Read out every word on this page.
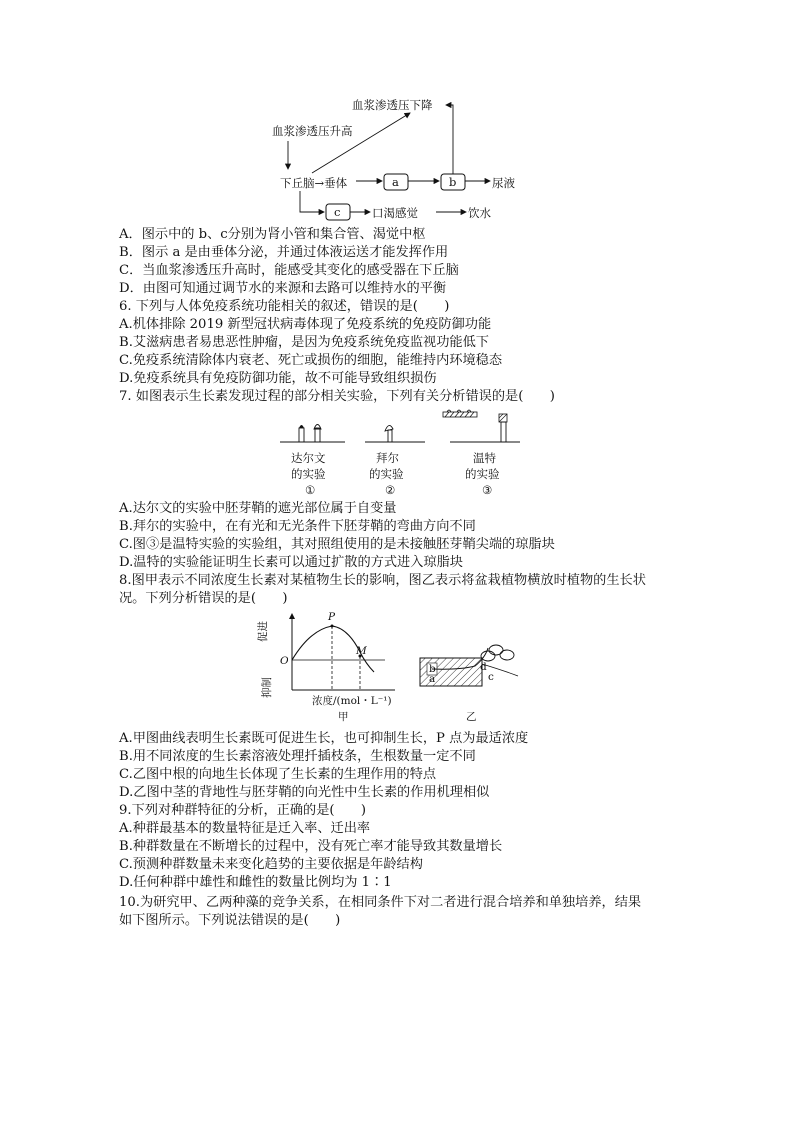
血浆渗透压下降
血浆渗透压升高
下丘脑→垂体	a	b	尿液
c	口渴感觉	饮水
A．图示中的 b、c分别为肾小管和集合管、渴觉中枢
B．图示 a 是由垂体分泌，并通过体液运送才能发挥作用
C．当血浆渗透压升高时，能感受其变化的感受器在下丘脑
D．由图可知通过调节水的来源和去路可以维持水的平衡
6. 下列与人体免疫系统功能相关的叙述，错误的是(　　)
A.机体排除 2019 新型冠状病毒体现了免疫系统的免疫防御功能
B.艾滋病患者易患恶性肿瘤，是因为免疫系统免疫监视功能低下
C.免疫系统清除体内衰老、死亡或损伤的细胞，能维持内环境稳态
D.免疫系统具有免疫防御功能，故不可能导致组织损伤
7. 如图表示生长素发现过程的部分相关实验，下列有关分析错误的是(　　)
达尔文
的实验
①
拜尔
的实验
②
温特
的实验
③
A.达尔文的实验中胚芽鞘的遮光部位属于自变量
B.拜尔的实验中，在有光和无光条件下胚芽鞘的弯曲方向不同
C.图③是温特实验的实验组，其对照组使用的是未接触胚芽鞘尖端的琼脂块
D.温特的实验能证明生长素可以通过扩散的方式进入琼脂块
8.图甲表示不同浓度生长素对某植物生长的影响，图乙表示将盆栽植物横放时植物的生长状
况。下列分析错误的是(　　)
促进
抑制
O
P
M
浓度/(mol・L⁻¹)
甲
b
a
d
c
乙
A.甲图曲线表明生长素既可促进生长，也可抑制生长，P 点为最适浓度
B.用不同浓度的生长素溶液处理扦插枝条，生根数量一定不同
C.乙图中根的向地生长体现了生长素的生理作用的特点
D.乙图中茎的背地性与胚芽鞘的向光性中生长素的作用机理相似
9.下列对种群特征的分析，正确的是(　　)
A.种群最基本的数量特征是迁入率、迁出率
B.种群数量在不断增长的过程中，没有死亡率才能导致其数量增长
C.预测种群数量未来变化趋势的主要依据是年龄结构
D.任何种群中雄性和雌性的数量比例均为 1∶1
10.为研究甲、乙两种藻的竞争关系，在相同条件下对二者进行混合培养和单独培养，结果
如下图所示。下列说法错误的是(　　)
